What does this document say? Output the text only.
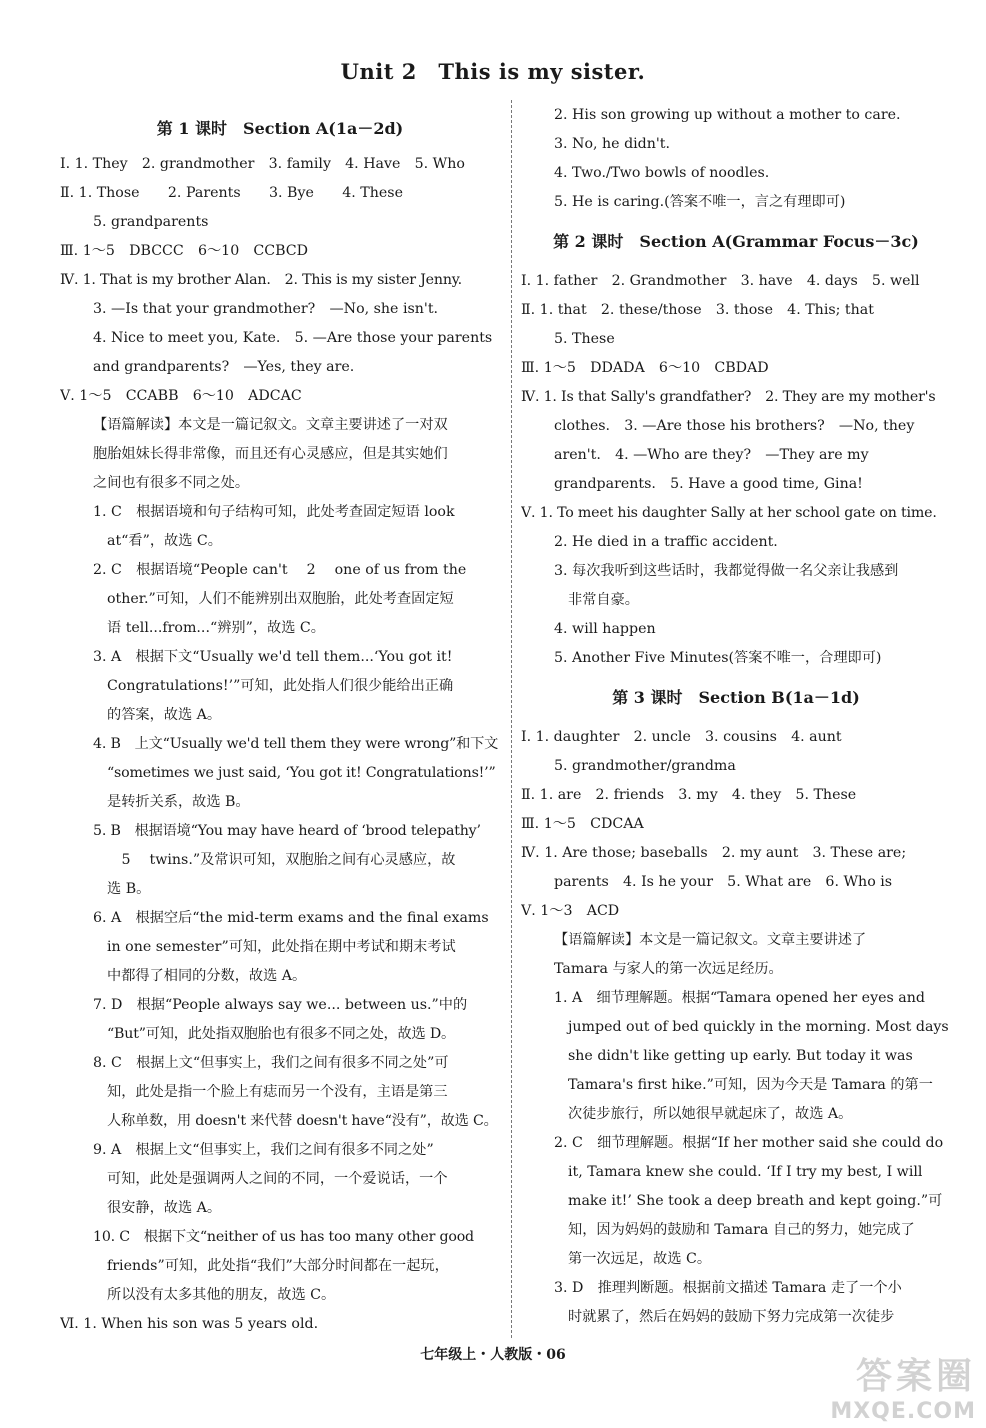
Unit 2　This is my sister.
第 1 课时　Section A(1a－2d)
Ⅰ. 1. They　2. grandmother　3. family　4. Have　5. Who
Ⅱ. 1. Those　　2. Parents　　3. Bye　　4. These
5. grandparents
Ⅲ. 1～5　DBCCC　6～10　CCBCD
Ⅳ. 1. That is my brother Alan.　2. This is my sister Jenny.
3. —Is that your grandmother?　—No, she isn't.
4. Nice to meet you, Kate.　5. —Are those your parents
and grandparents?　—Yes, they are.
Ⅴ. 1～5　CCABB　6～10　ADCAC
【语篇解读】本文是一篇记叙文。文章主要讲述了一对双
胞胎姐妹长得非常像，而且还有心灵感应，但是其实她们
之间也有很多不同之处。
1. C　根据语境和句子结构可知，此处考查固定短语 look
at“看”，故选 C。
2. C　根据语境“People can't 2 one of us from the
other.”可知，人们不能辨别出双胞胎，此处考查固定短
语 tell...from...“辨别”，故选 C。
3. A　根据下文“Usually we'd tell them...‘You got it!
Congratulations!’”可知，此处指人们很少能给出正确
的答案，故选 A。
4. B　上文“Usually we'd tell them they were wrong”和下文
“sometimes we just said, ‘You got it! Congratulations!’”
是转折关系，故选 B。
5. B　根据语境“You may have heard of ‘brood telepathy’
5 twins.”及常识可知，双胞胎之间有心灵感应，故
选 B。
6. A　根据空后“the mid-term exams and the final exams
in one semester”可知，此处指在期中考试和期末考试
中都得了相同的分数，故选 A。
7. D　根据“People always say we... between us.”中的
“But”可知，此处指双胞胎也有很多不同之处，故选 D。
8. C　根据上文“但事实上，我们之间有很多不同之处”可
知，此处是指一个脸上有痣而另一个没有，主语是第三
人称单数，用 doesn't 来代替 doesn't have“没有”，故选 C。
9. A　根据上文“但事实上，我们之间有很多不同之处”
可知，此处是强调两人之间的不同，一个爱说话，一个
很安静，故选 A。
10. C　根据下文“neither of us has too many other good
friends”可知，此处指“我们”大部分时间都在一起玩，
所以没有太多其他的朋友，故选 C。
Ⅵ. 1. When his son was 5 years old.
2. His son growing up without a mother to care.
3. No, he didn't.
4. Two./Two bowls of noodles.
5. He is caring.(答案不唯一，言之有理即可)
第 2 课时　Section A(Grammar Focus－3c)
Ⅰ. 1. father　2. Grandmother　3. have　4. days　5. well
Ⅱ. 1. that　2. these/those　3. those　4. This; that
5. These
Ⅲ. 1～5　DDADA　6～10　CBDAD
Ⅳ. 1. Is that Sally's grandfather?　2. They are my mother's
clothes.　3. —Are those his brothers?　—No, they
aren't.　4. —Who are they?　—They are my
grandparents.　5. Have a good time, Gina!
Ⅴ. 1. To meet his daughter Sally at her school gate on time.
2. He died in a traffic accident.
3. 每次我听到这些话时，我都觉得做一名父亲让我感到
非常自豪。
4. will happen
5. Another Five Minutes(答案不唯一，合理即可)
第 3 课时　Section B(1a－1d)
Ⅰ. 1. daughter　2. uncle　3. cousins　4. aunt
5. grandmother/grandma
Ⅱ. 1. are　2. friends　3. my　4. they　5. These
Ⅲ. 1～5　CDCAA
Ⅳ. 1. Are those; baseballs　2. my aunt　3. These are;
parents　4. Is he your　5. What are　6. Who is
Ⅴ. 1～3　ACD
【语篇解读】本文是一篇记叙文。文章主要讲述了
Tamara 与家人的第一次远足经历。
1. A　细节理解题。根据“Tamara opened her eyes and
jumped out of bed quickly in the morning. Most days
she didn't like getting up early. But today it was
Tamara's first hike.”可知，因为今天是 Tamara 的第一
次徒步旅行，所以她很早就起床了，故选 A。
2. C　细节理解题。根据“If her mother said she could do
it, Tamara knew she could. ‘If I try my best, I will
make it!’ She took a deep breath and kept going.”可
知，因为妈妈的鼓励和 Tamara 自己的努力，她完成了
第一次远足，故选 C。
3. D　推理判断题。根据前文描述 Tamara 走了一个小
时就累了，然后在妈妈的鼓励下努力完成第一次徒步
七年级上・人教版・06
答案圈
MXQE.COM
